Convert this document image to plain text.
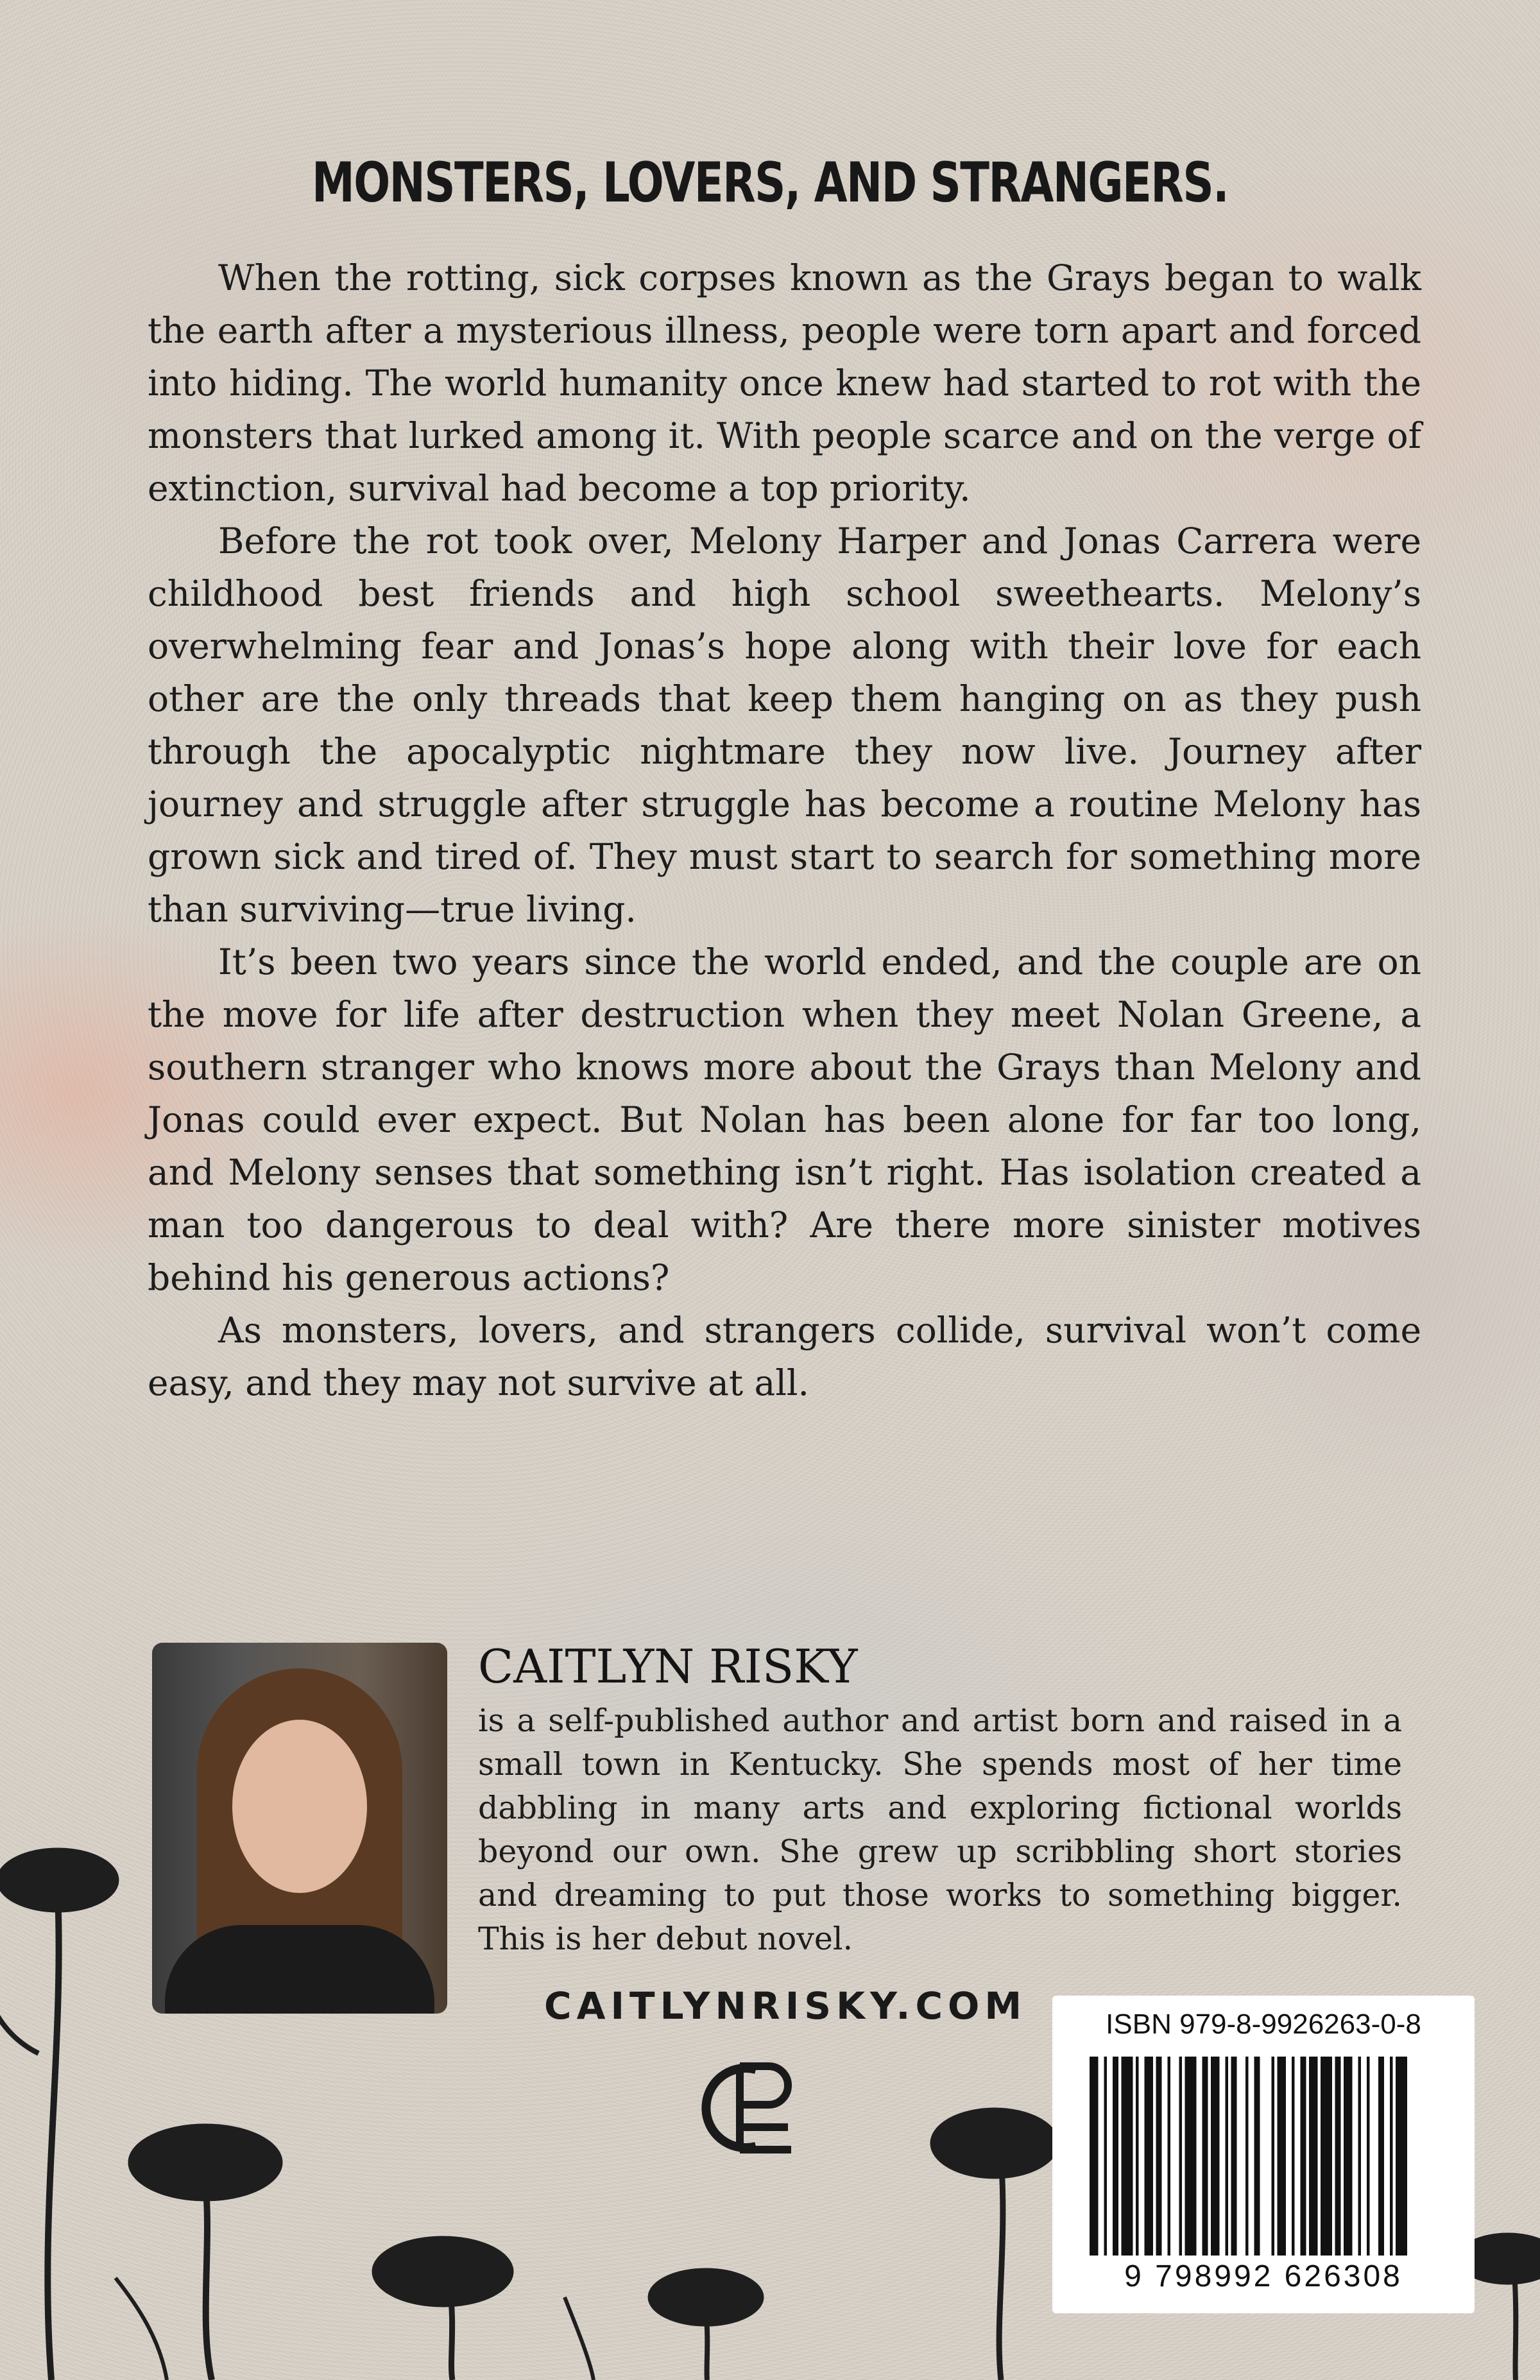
MONSTERS, LOVERS, AND STRANGERS.

When the rotting, sick corpses known as the Grays began to walk the earth after a mysterious illness, people were torn apart and forced into hiding. The world humanity once knew had started to rot with the monsters that lurked among it. With people scarce and on the verge of extinction, survival had become a top priority.

Before the rot took over, Melony Harper and Jonas Carrera were childhood best friends and high school sweethearts. Melony’s overwhelming fear and Jonas’s hope along with their love for each other are the only threads that keep them hanging on as they push through the apocalyptic nightmare they now live. Journey after journey and struggle after struggle has become a routine Melony has grown sick and tired of. They must start to search for something more than surviving—true living.

It’s been two years since the world ended, and the couple are on the move for life after destruction when they meet Nolan Greene, a southern stranger who knows more about the Grays than Melony and Jonas could ever expect. But Nolan has been alone for far too long, and Melony senses that something isn’t right. Has isolation created a man too dangerous to deal with? Are there more sinister motives behind his generous actions?

As monsters, lovers, and strangers collide, survival won’t come easy, and they may not survive at all.

CAITLYN RISKY

is a self-published author and artist born and raised in a small town in Kentucky. She spends most of her time dabbling in many arts and exploring fictional worlds beyond our own. She grew up scribbling short stories and dreaming to put those works to something bigger. This is her debut novel.

CAITLYNRISKY.COM	ISBN 979-8-9926263-0-8
9 798992 626308
